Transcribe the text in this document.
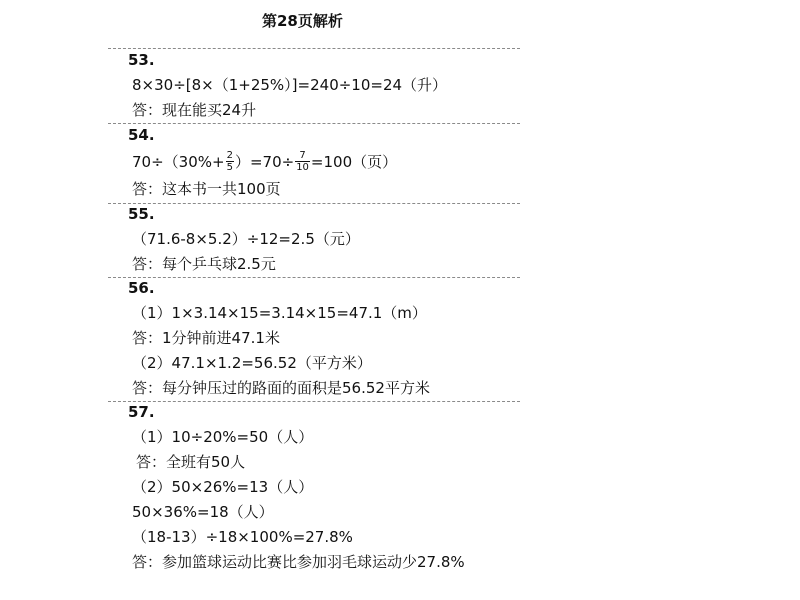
第28页解析
53.
8×30÷[8×（1+25%）]=240÷10=24（升）
答：现在能买24升
54.
$70\div(30\%+ \frac{2}{5} )=70\div \frac{7}{10} =100$（页）
答：这本书一共100页
55.
（71.6-8×5.2）÷12=2.5（元）
答：每个乒乓球2.5元
56.
（1）1×3.14×15=3.14×15=47.1（m）
答：1分钟前进47.1米
（2）47.1×1.2=56.52（平方米）
答：每分钟压过的路面的面积是56.52平方米
57.
（1）10÷20%=50（人）
答：全班有50人
（2）50×26%=13（人）
50×36%=18（人）
（18-13）÷18×100%=27.8%
答：参加篮球运动比赛比参加羽毛球运动少27.8%
